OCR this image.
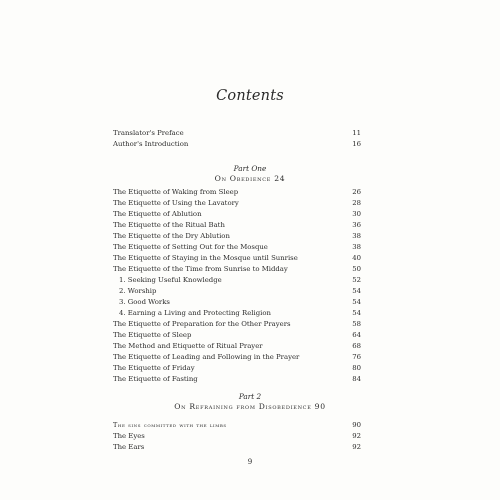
Contents
Translator's Preface	11
Author's Introduction	16
Part One
On Obedience 24
The Etiquette of Waking from Sleep	26
The Etiquette of Using the Lavatory	28
The Etiquette of Ablution	30
The Etiquette of the Ritual Bath	36
The Etiquette of the Dry Ablution	38
The Etiquette of Setting Out for the Mosque	38
The Etiquette of Staying in the Mosque until Sunrise	40
The Etiquette of the Time from Sunrise to Midday	50
1. Seeking Useful Knowledge	52
2. Worship	54
3. Good Works	54
4. Earning a Living and Protecting Religion	54
The Etiquette of Preparation for the Other Prayers	58
The Etiquette of Sleep	64
The Method and Etiquette of Ritual Prayer	68
The Etiquette of Leading and Following in the Prayer	76
The Etiquette of Friday	80
The Etiquette of Fasting	84
Part 2
On Refraining from Disobedience 90
The sins committed with the limbs	90
The Eyes	92
The Ears	92
9
